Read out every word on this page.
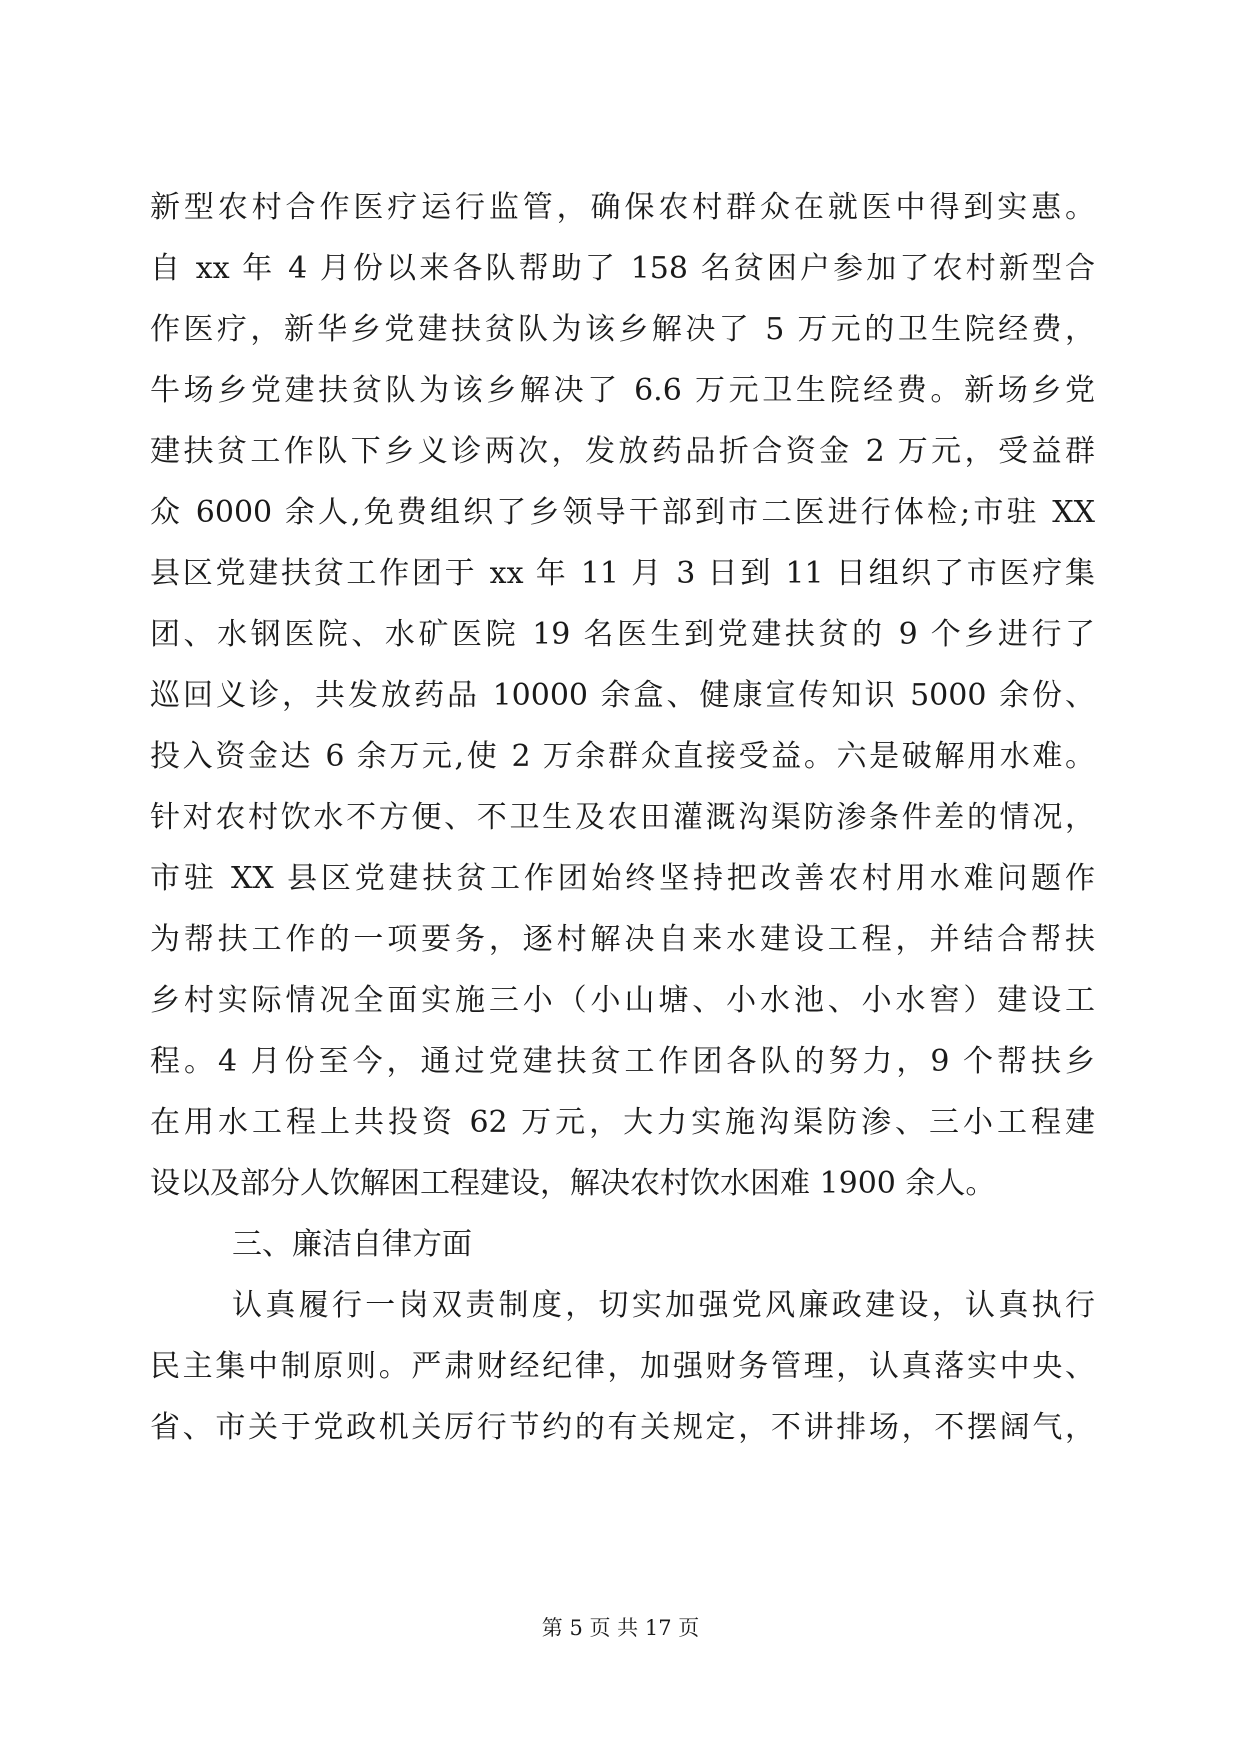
新型农村合作医疗运行监管，确保农村群众在就医中得到实惠。
自 xx 年 4 月份以来各队帮助了 158 名贫困户参加了农村新型合
作医疗，新华乡党建扶贫队为该乡解决了 5 万元的卫生院经费，
牛场乡党建扶贫队为该乡解决了 6.6 万元卫生院经费。新场乡党
建扶贫工作队下乡义诊两次，发放药品折合资金 2 万元，受益群
众 6000 余人,免费组织了乡领导干部到市二医进行体检;市驻 XX
县区党建扶贫工作团于 xx 年 11 月 3 日到 11 日组织了市医疗集
团、水钢医院、水矿医院 19 名医生到党建扶贫的 9 个乡进行了
巡回义诊，共发放药品 10000 余盒、健康宣传知识 5000 余份、
投入资金达 6 余万元,使 2 万余群众直接受益。六是破解用水难。
针对农村饮水不方便、不卫生及农田灌溉沟渠防渗条件差的情况，
市驻 XX 县区党建扶贫工作团始终坚持把改善农村用水难问题作
为帮扶工作的一项要务，逐村解决自来水建设工程，并结合帮扶
乡村实际情况全面实施三小（小山塘、小水池、小水窖）建设工
程。4 月份至今，通过党建扶贫工作团各队的努力，9 个帮扶乡
在用水工程上共投资 62 万元，大力实施沟渠防渗、三小工程建
设以及部分人饮解困工程建设，解决农村饮水困难 1900 余人。
三、廉洁自律方面
认真履行一岗双责制度，切实加强党风廉政建设，认真执行
民主集中制原则。严肃财经纪律，加强财务管理，认真落实中央、
省、市关于党政机关厉行节约的有关规定，不讲排场，不摆阔气，
第 5 页 共 17 页
